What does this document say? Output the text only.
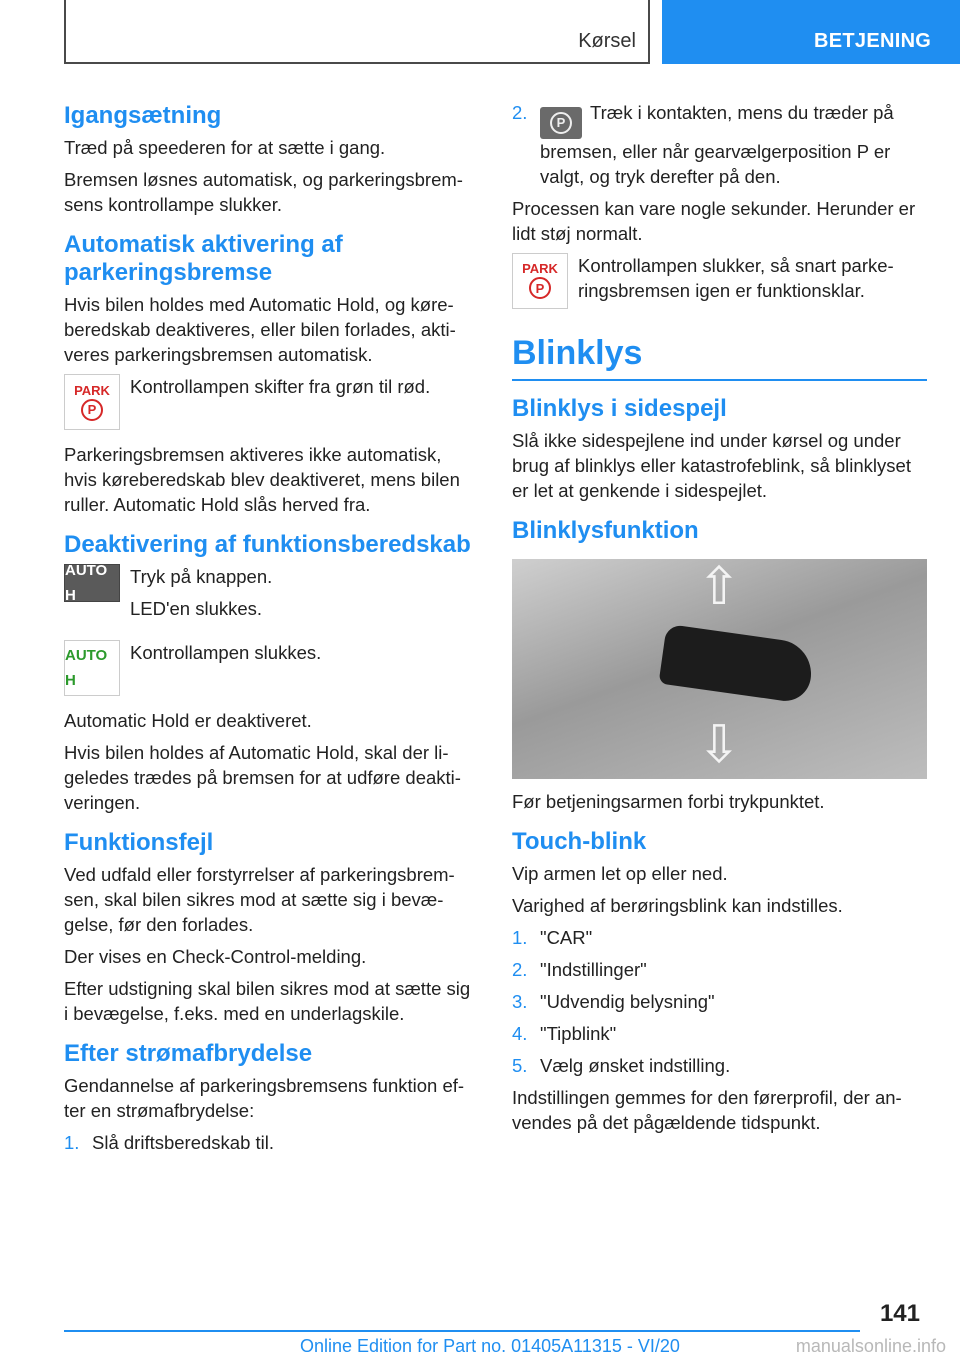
Kørsel	BETJENING
Igangsætning
Træd på speederen for at sætte i gang.
Bremsen løsnes automatisk, og parkeringsbrem-sens kontrollampe slukker.
Automatisk aktivering af parkeringsbremse
Hvis bilen holdes med Automatic Hold, og køre-beredskab deaktiveres, eller bilen forlades, akti-veres parkeringsbremsen automatisk.
PARK
P
Kontrollampen skifter fra grøn til rød.
Parkeringsbremsen aktiveres ikke automatisk, hvis køreberedskab blev deaktiveret, mens bilen ruller. Automatic Hold slås herved fra.
Deaktivering af funktionsberedskab
AUTO H
Tryk på knappen.
LED'en slukkes.
AUTO H
Kontrollampen slukkes.
Automatic Hold er deaktiveret.
Hvis bilen holdes af Automatic Hold, skal der li-geledes trædes på bremsen for at udføre deakti-veringen.
Funktionsfejl
Ved udfald eller forstyrrelser af parkeringsbrem-sen, skal bilen sikres mod at sætte sig i bevæ-gelse, før den forlades.
Der vises en Check-Control-melding.
Efter udstigning skal bilen sikres mod at sætte sig i bevægelse, f.eks. med en underlagskile.
Efter strømafbrydelse
Gendannelse af parkeringsbremsens funktion ef-ter en strømafbrydelse:
1. Slå driftsberedskab til.
2.	P	Træk i kontakten, mens du træder på bremsen, eller når gearvælgerposition P er valgt, og tryk derefter på den.
Processen kan vare nogle sekunder. Herunder er lidt støj normalt.
PARK
P
Kontrollampen slukker, så snart parke-ringsbremsen igen er funktionsklar.
Blinklys
Blinklys i sidespejl
Slå ikke sidespejlene ind under kørsel og under brug af blinklys eller katastrofeblink, så blinklyset er let at genkende i sidespejlet.
Blinklysfunktion
⇧
⇩
Før betjeningsarmen forbi trykpunktet.
Touch-blink
Vip armen let op eller ned.
Varighed af berøringsblink kan indstilles.
1. "CAR"
2. "Indstillinger"
3. "Udvendig belysning"
4. "Tipblink"
5. Vælg ønsket indstilling.
Indstillingen gemmes for den førerprofil, der an-vendes på det pågældende tidspunkt.
141
Online Edition for Part no. 01405A11315 - VI/20	manualsonline.info
